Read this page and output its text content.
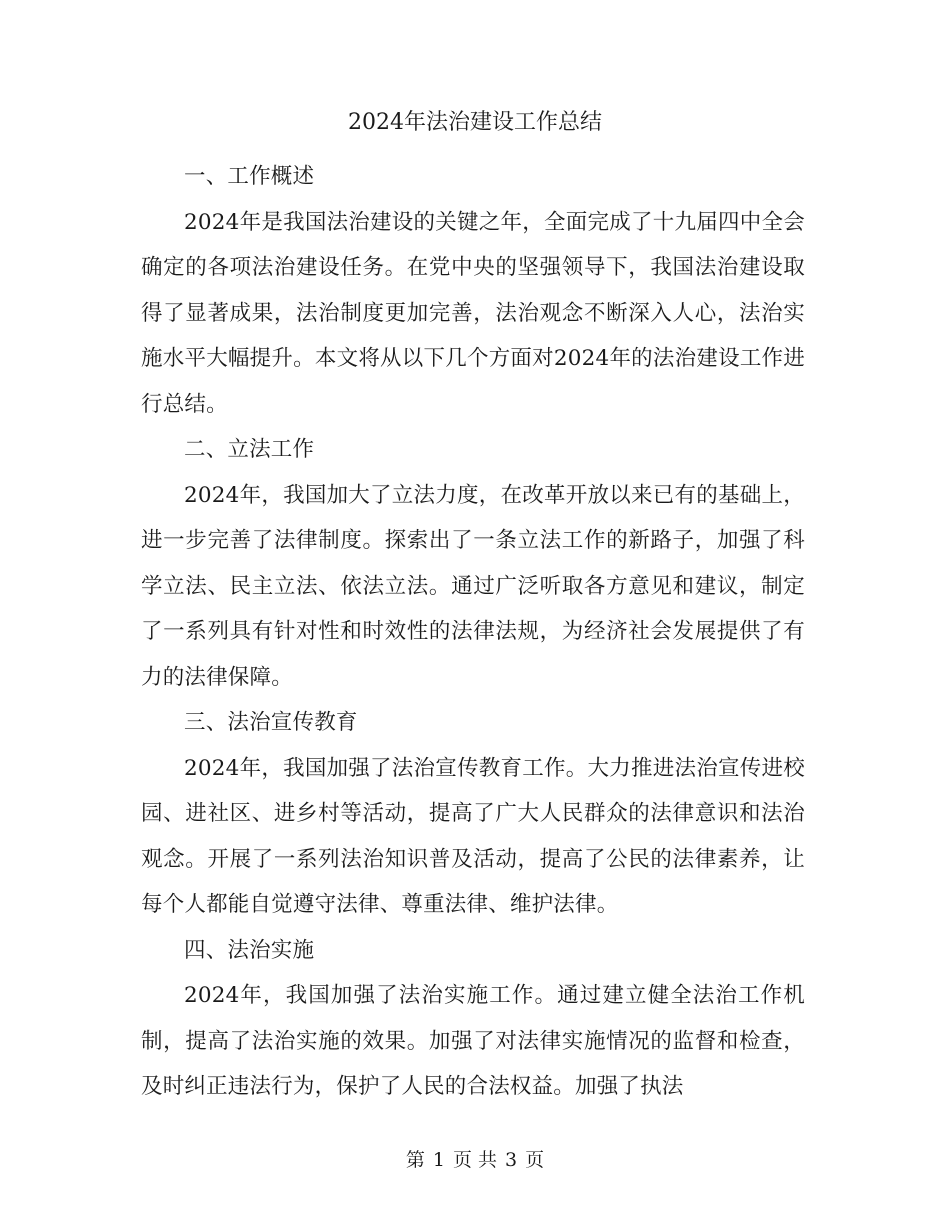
2024年法治建设工作总结

一、工作概述

2024年是我国法治建设的关键之年，全面完成了十九届四中全会确定的各项法治建设任务。在党中央的坚强领导下，我国法治建设取得了显著成果，法治制度更加完善，法治观念不断深入人心，法治实施水平大幅提升。本文将从以下几个方面对2024年的法治建设工作进行总结。

二、立法工作

2024年，我国加大了立法力度，在改革开放以来已有的基础上，进一步完善了法律制度。探索出了一条立法工作的新路子，加强了科学立法、民主立法、依法立法。通过广泛听取各方意见和建议，制定了一系列具有针对性和时效性的法律法规，为经济社会发展提供了有力的法律保障。

三、法治宣传教育

2024年，我国加强了法治宣传教育工作。大力推进法治宣传进校园、进社区、进乡村等活动，提高了广大人民群众的法律意识和法治观念。开展了一系列法治知识普及活动，提高了公民的法律素养，让每个人都能自觉遵守法律、尊重法律、维护法律。

四、法治实施

2024年，我国加强了法治实施工作。通过建立健全法治工作机制，提高了法治实施的效果。加强了对法律实施情况的监督和检查，及时纠正违法行为，保护了人民的合法权益。加强了执法

第 1 页 共 3 页
